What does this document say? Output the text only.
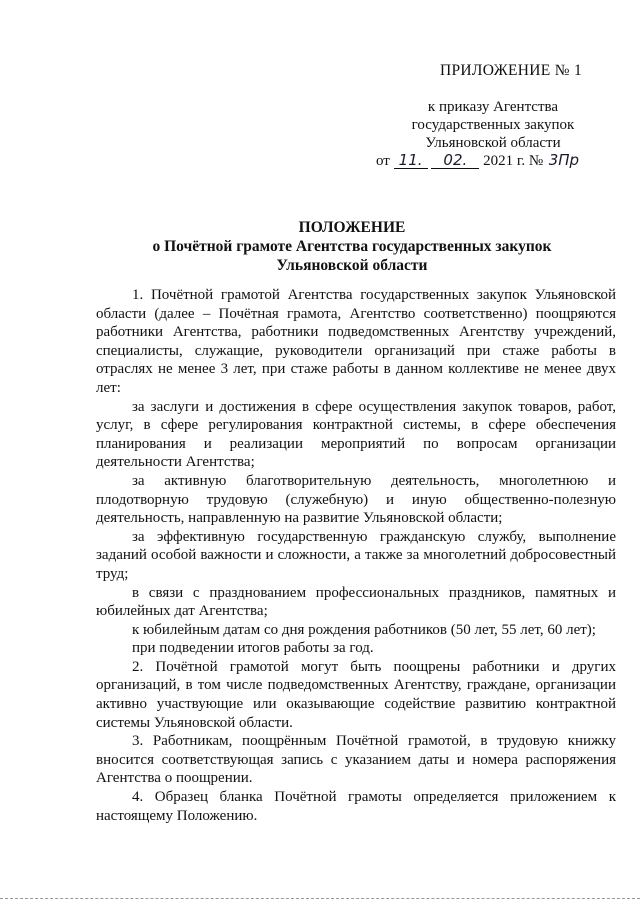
ПРИЛОЖЕНИЕ № 1
к приказу Агентства
государственных закупок
Ульяновской области
от 11. 02. 2021 г. № 3Пр
ПОЛОЖЕНИЕ
о Почётной грамоте Агентства государственных закупок
Ульяновской области

1. Почётной грамотой Агентства государственных закупок Ульяновской области (далее – Почётная грамота, Агентство соответственно) поощряются работники Агентства, работники подведомственных Агентству учреждений, специалисты, служащие, руководители организаций при стаже работы в отраслях не менее 3 лет, при стаже работы в данном коллективе не менее двух лет:

за заслуги и достижения в сфере осуществления закупок товаров, работ, услуг, в сфере регулирования контрактной системы, в сфере обеспечения планирования и реализации мероприятий по вопросам организации деятельности Агентства;

за активную благотворительную деятельность, многолетнюю и плодотворную трудовую (служебную) и иную общественно-полезную деятельность, направленную на развитие Ульяновской области;

за эффективную государственную гражданскую службу, выполнение заданий особой важности и сложности, а также за многолетний добросовестный труд;

в связи с празднованием профессиональных праздников, памятных и юбилейных дат Агентства;

к юбилейным датам со дня рождения работников (50 лет, 55 лет, 60 лет);

при подведении итогов работы за год.

2. Почётной грамотой могут быть поощрены работники и других организаций, в том числе подведомственных Агентству, граждане, организации активно участвующие или оказывающие содействие развитию контрактной системы Ульяновской области.

3. Работникам, поощрённым Почётной грамотой, в трудовую книжку вносится соответствующая запись с указанием даты и номера распоряжения Агентства о поощрении.

4. Образец бланка Почётной грамоты определяется приложением к настоящему Положению.
